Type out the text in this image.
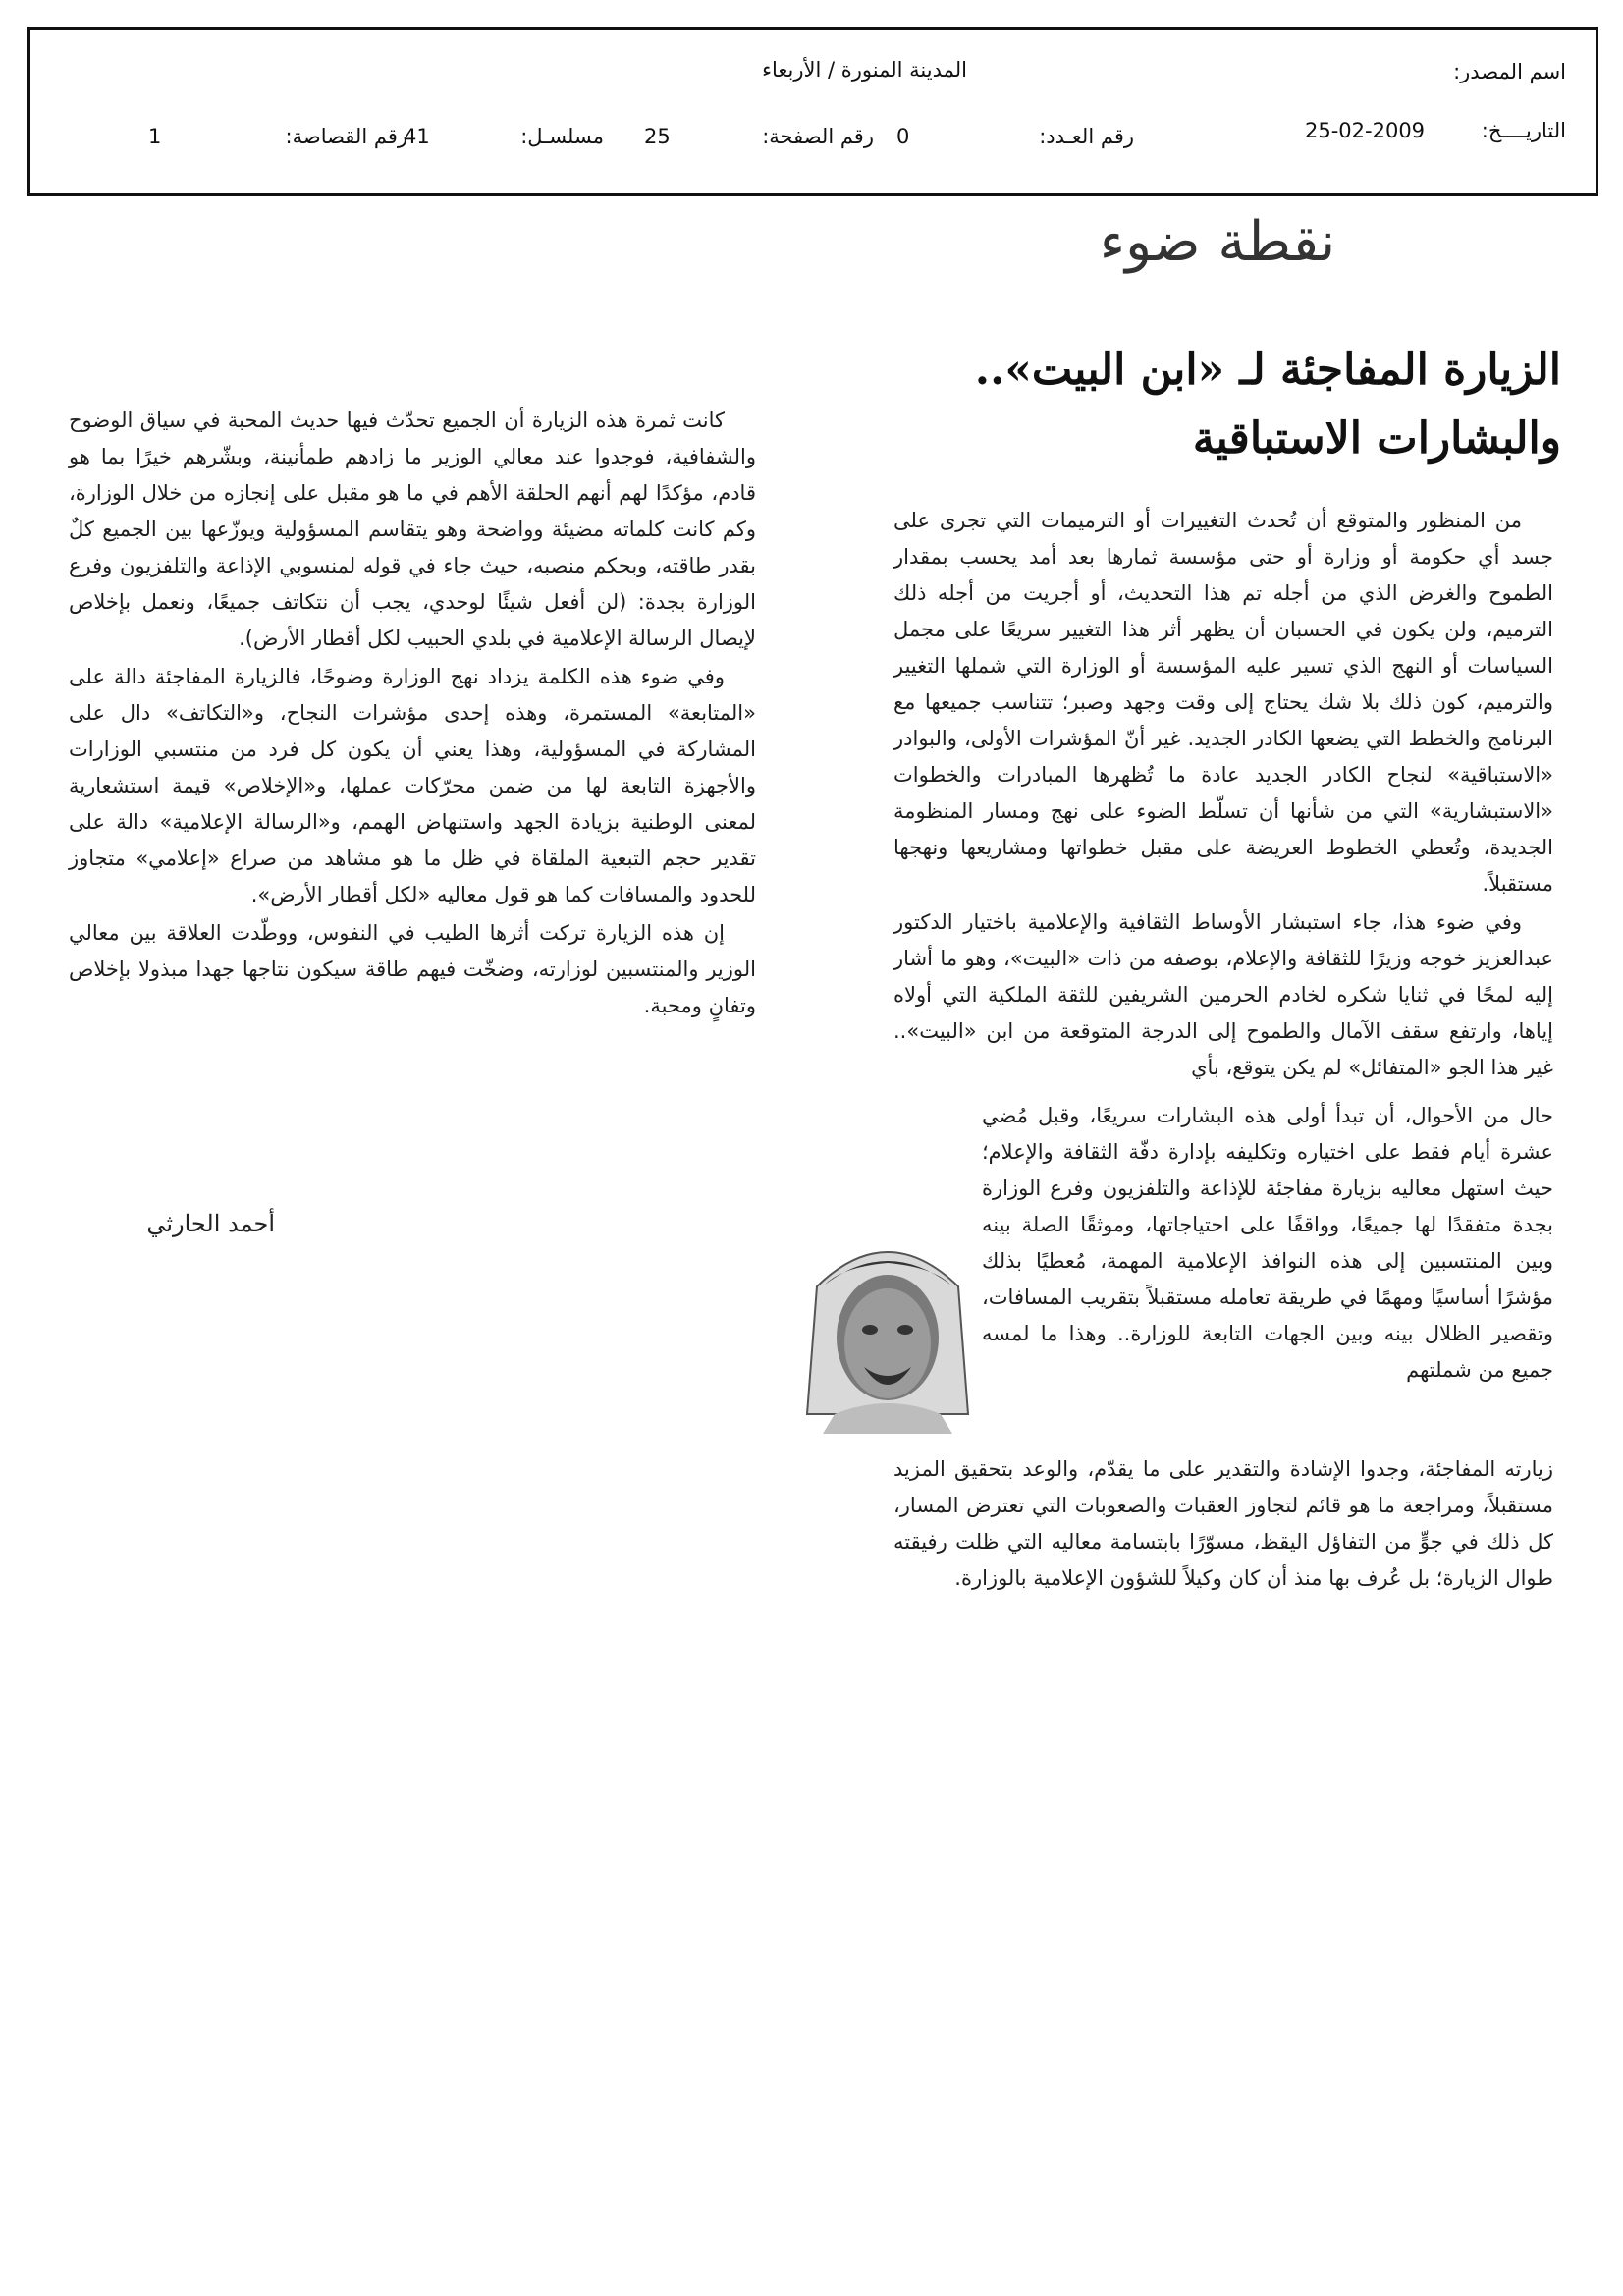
اسم المصدر:
المدينة المنورة / الأربعاء
التاريــــخ:
25-02-2009
رقم العـدد:
0
رقم الصفحة:
25
مسلسـل:
41
رقم القصاصة:
1
نقطة ضوء
الزيارة المفاجئة لـ «ابن البيت»..
والبشارات الاستباقية

من المنظور والمتوقع أن تُحدث التغييرات أو الترميمات التي تجرى على جسد أي حكومة أو وزارة أو حتى مؤسسة ثمارها بعد أمد يحسب بمقدار الطموح والغرض الذي من أجله تم هذا التحديث، أو أجريت من أجله ذلك الترميم، ولن يكون في الحسبان أن يظهر أثر هذا التغيير سريعًا على مجمل السياسات أو النهج الذي تسير عليه المؤسسة أو الوزارة التي شملها التغيير والترميم، كون ذلك بلا شك يحتاج إلى وقت وجهد وصبر؛ تتناسب جميعها مع البرنامج والخطط التي يضعها الكادر الجديد. غير أنّ المؤشرات الأولى، والبوادر «الاستباقية» لنجاح الكادر الجديد عادة ما تُظهرها المبادرات والخطوات «الاستبشارية» التي من شأنها أن تسلّط الضوء على نهج ومسار المنظومة الجديدة، وتُعطي الخطوط العريضة على مقبل خطواتها ومشاريعها ونهجها مستقبلاً.

وفي ضوء هذا، جاء استبشار الأوساط الثقافية والإعلامية باختيار الدكتور عبدالعزيز خوجه وزيرًا للثقافة والإعلام، بوصفه من ذات «البيت»، وهو ما أشار إليه لمحًا في ثنايا شكره لخادم الحرمين الشريفين للثقة الملكية التي أولاه إياها، وارتفع سقف الآمال والطموح إلى الدرجة المتوقعة من ابن «البيت».. غير هذا الجو «المتفائل» لم يكن يتوقع، بأي

حال من الأحوال، أن تبدأ أولى هذه البشارات سريعًا، وقبل مُضي عشرة أيام فقط على اختياره وتكليفه بإدارة دفّة الثقافة والإعلام؛ حيث استهل معاليه بزيارة مفاجئة للإذاعة والتلفزيون وفرع الوزارة بجدة متفقدًا لها جميعًا، وواقفًا على احتياجاتها، وموثقًا الصلة بينه وبين المنتسبين إلى هذه النوافذ الإعلامية المهمة، مُعطيًا بذلك مؤشرًا أساسيًا ومهمًا في طريقة تعامله مستقبلاً بتقريب المسافات، وتقصير الظلال بينه وبين الجهات التابعة للوزارة.. وهذا ما لمسه جميع من شملتهم

زيارته المفاجئة، وجدوا الإشادة والتقدير على ما يقدّم، والوعد بتحقيق المزيد مستقبلاً، ومراجعة ما هو قائم لتجاوز العقبات والصعوبات التي تعترض المسار، كل ذلك في جوٍّ من التفاؤل اليقظ، مسوّرًا بابتسامة معاليه التي ظلت رفيقته طوال الزيارة؛ بل عُرف بها منذ أن كان وكيلاً للشؤون الإعلامية بالوزارة.

كانت ثمرة هذه الزيارة أن الجميع تحدّث فيها حديث المحبة في سياق الوضوح والشفافية، فوجدوا عند معالي الوزير ما زادهم طمأنينة، وبشّرهم خيرًا بما هو قادم، مؤكدًا لهم أنهم الحلقة الأهم في ما هو مقبل على إنجازه من خلال الوزارة، وكم كانت كلماته مضيئة وواضحة وهو يتقاسم المسؤولية ويوزّعها بين الجميع كلٌ بقدر طاقته، وبحكم منصبه، حيث جاء في قوله لمنسوبي الإذاعة والتلفزيون وفرع الوزارة بجدة: (لن أفعل شيئًا لوحدي، يجب أن نتكاتف جميعًا، ونعمل بإخلاص لإيصال الرسالة الإعلامية في بلدي الحبيب لكل أقطار الأرض).

وفي ضوء هذه الكلمة يزداد نهج الوزارة وضوحًا، فالزيارة المفاجئة دالة على «المتابعة» المستمرة، وهذه إحدى مؤشرات النجاح، و«التكاتف» دال على المشاركة في المسؤولية، وهذا يعني أن يكون كل فرد من منتسبي الوزارات والأجهزة التابعة لها من ضمن محرّكات عملها، و«الإخلاص» قيمة استشعارية لمعنى الوطنية بزيادة الجهد واستنهاض الهمم، و«الرسالة الإعلامية» دالة على تقدير حجم التبعية الملقاة في ظل ما هو مشاهد من صراع «إعلامي» متجاوز للحدود والمسافات كما هو قول معاليه «لكل أقطار الأرض».

إن هذه الزيارة تركت أثرها الطيب في النفوس، ووطّدت العلاقة بين معالي الوزير والمنتسبين لوزارته، وضخّت فيهم طاقة سيكون نتاجها جهدا مبذولا بإخلاص وتفانٍ ومحبة.

أحمد الحارثي
